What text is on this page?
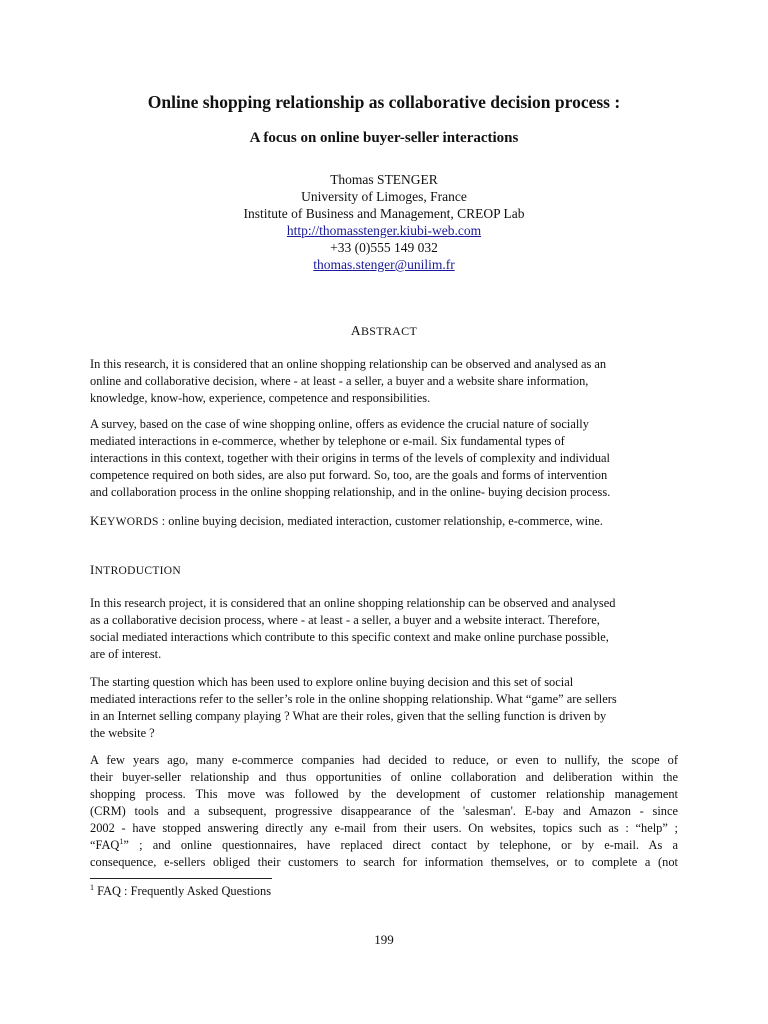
Online shopping relationship as collaborative decision process :
A focus on online buyer-seller interactions
Thomas STENGER
University of Limoges, France
Institute of Business and Management, CREOP Lab
http://thomasstenger.kiubi-web.com
+33 (0)555 149 032
thomas.stenger@unilim.fr
ABSTRACT
In this research, it is considered that an online shopping relationship can be observed and analysed as an
online and collaborative decision, where - at least - a seller, a buyer and a website share information,
knowledge, know-how, experience, competence and responsibilities.
A survey, based on the case of wine shopping online, offers as evidence the crucial nature of socially
mediated interactions in e-commerce, whether by telephone or e-mail. Six fundamental types of
interactions in this context, together with their origins in terms of the levels of complexity and individual
competence required on both sides, are also put forward. So, too, are the goals and forms of intervention
and collaboration process in the online shopping relationship, and in the online- buying decision process.
KEYWORDS : online buying decision, mediated interaction, customer relationship, e-commerce, wine.
INTRODUCTION
In this research project, it is considered that an online shopping relationship can be observed and analysed
as a collaborative decision process, where - at least - a seller, a buyer and a website interact. Therefore,
social mediated interactions which contribute to this specific context and make online purchase possible,
are of interest.
The starting question which has been used to explore online buying decision and this set of social
mediated interactions refer to the seller’s role in the online shopping relationship. What “game” are sellers
in an Internet selling company playing ? What are their roles, given that the selling function is driven by
the website ?
A few years ago, many e-commerce companies had decided to reduce, or even to nullify, the scope of
their buyer-seller relationship and thus opportunities of online collaboration and deliberation within the
shopping process. This move was followed by the development of customer relationship management
(CRM) tools and a subsequent, progressive disappearance of the 'salesman'. E-bay and Amazon - since
2002 - have stopped answering directly any e-mail from their users. On websites, topics such as : “help” ;
“FAQ$^1$” ; and online questionnaires, have replaced direct contact by telephone, or by e-mail. As a
consequence, e-sellers obliged their customers to search for information themselves, or to complete a (not
$^1$ FAQ : Frequently Asked Questions
199
